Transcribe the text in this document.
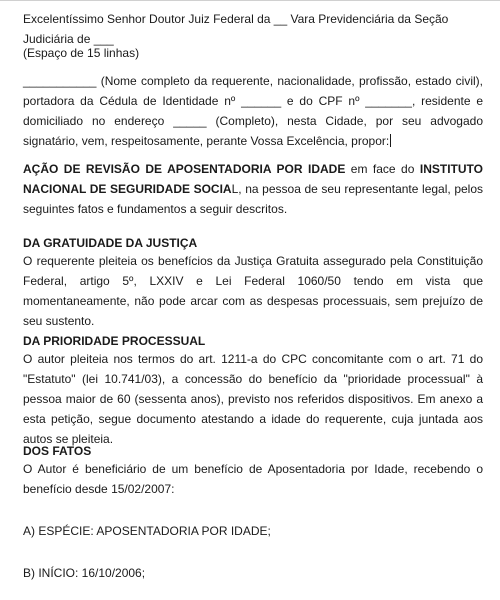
Excelentíssimo Senhor Doutor Juiz Federal da __ Vara Previdenciária da Seção Judiciária de ___

(Espaço de 15 linhas)

___________ (Nome completo da requerente, nacionalidade, profissão, estado civil), portadora da Cédula de Identidade nº ______ e do CPF nº _______, residente e domiciliado no endereço _____ (Completo), nesta Cidade, por seu advogado signatário, vem, respeitosamente, perante Vossa Excelência, propor:

AÇÃO DE REVISÃO DE APOSENTADORIA POR IDADE em face do INSTITUTO NACIONAL DE SEGURIDADE SOCIAL, na pessoa de seu representante legal, pelos seguintes fatos e fundamentos a seguir descritos.

DA GRATUIDADE DA JUSTIÇA

O requerente pleiteia os benefícios da Justiça Gratuita assegurado pela Constituição Federal, artigo 5º, LXXIV e Lei Federal 1060/50 tendo em vista que momentaneamente, não pode arcar com as despesas processuais, sem prejuízo de seu sustento.

DA PRIORIDADE PROCESSUAL

O autor pleiteia nos termos do art. 1211-a do CPC concomitante com o art. 71 do "Estatuto" (lei 10.741/03), a concessão do benefício da "prioridade processual" à pessoa maior de 60 (sessenta anos), previsto nos referidos dispositivos. Em anexo a esta petição, segue documento atestando a idade do requerente, cuja juntada aos autos se pleiteia.

DOS FATOS

O Autor é beneficiário de um benefício de Aposentadoria por Idade, recebendo o benefício desde 15/02/2007:

A) ESPÉCIE: APOSENTADORIA POR IDADE;

B) INÍCIO: 16/10/2006;
